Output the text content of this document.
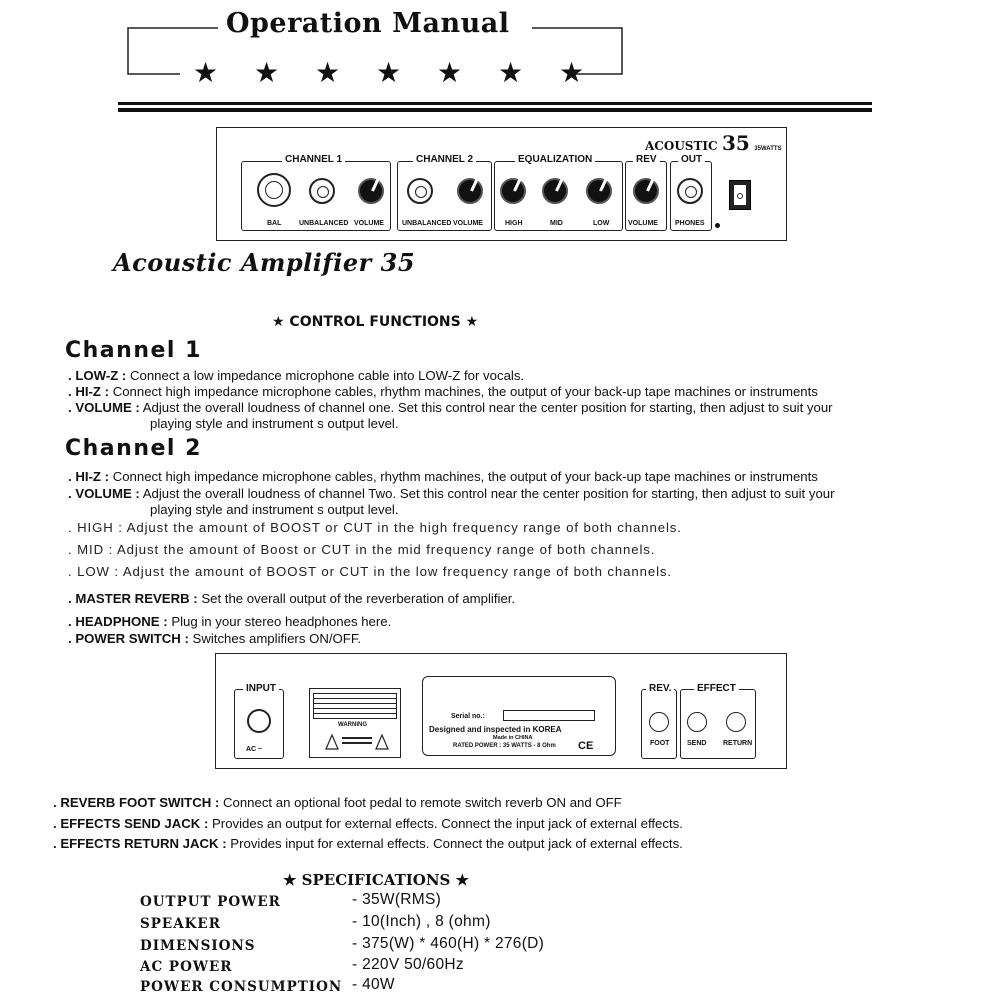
Operation Manual
★ ★ ★ ★ ★ ★ ★
ACOUSTIC 35 35WATTS
CHANNEL 1
BAL	UNBALANCED VOLUME
CHANNEL 2
UNBALANCED VOLUME
EQUALIZATION
HIGH	MID	LOW
REV
VOLUME
OUT
PHONES
Acoustic Amplifier 35
★ CONTROL FUNCTIONS ★
Channel 1
. LOW-Z : Connect a low impedance microphone cable into LOW-Z for vocals.
. HI-Z : Connect high impedance microphone cables, rhythm machines, the output of your back-up tape machines or instruments
. VOLUME : Adjust the overall loudness of channel one. Set this control near the center position for starting, then adjust to suit your
playing style and instrument s output level.
Channel 2
. HI-Z : Connect high impedance microphone cables, rhythm machines, the output of your back-up tape machines or instruments
. VOLUME : Adjust the overall loudness of channel Two. Set this control near the center position for starting, then adjust to suit your
playing style and instrument s output level.
. HIGH : Adjust the amount of BOOST or CUT in the high frequency range of both channels.
. MID : Adjust the amount of Boost or CUT in the mid frequency range of both channels.
. LOW : Adjust the amount of BOOST or CUT in the low frequency range of both channels.
. MASTER REVERB : Set the overall output of the reverberation of amplifier.
. HEADPHONE : Plug in your stereo headphones here.
. POWER SWITCH : Switches amplifiers ON/OFF.
INPUT
AC ~
WARNING
Serial no.:
Designed and inspected in KOREA
Made in CHINA
RATED POWER : 35 WATTS - 8 Ohm CE
REV.
FOOT
EFFECT
SEND RETURN
. REVERB FOOT SWITCH : Connect an optional foot pedal to remote switch reverb ON and OFF
. EFFECTS SEND JACK : Provides an output for external effects. Connect the input jack of external effects.
. EFFECTS RETURN JACK : Provides input for external effects. Connect the output jack of external effects.
★ SPECIFICATIONS ★
OUTPUT POWER	- 35W(RMS)
SPEAKER	- 10(Inch) , 8 (ohm)
DIMENSIONS	- 375(W) * 460(H) * 276(D)
AC POWER	- 220V 50/60Hz
POWER CONSUMPTION - 40W
